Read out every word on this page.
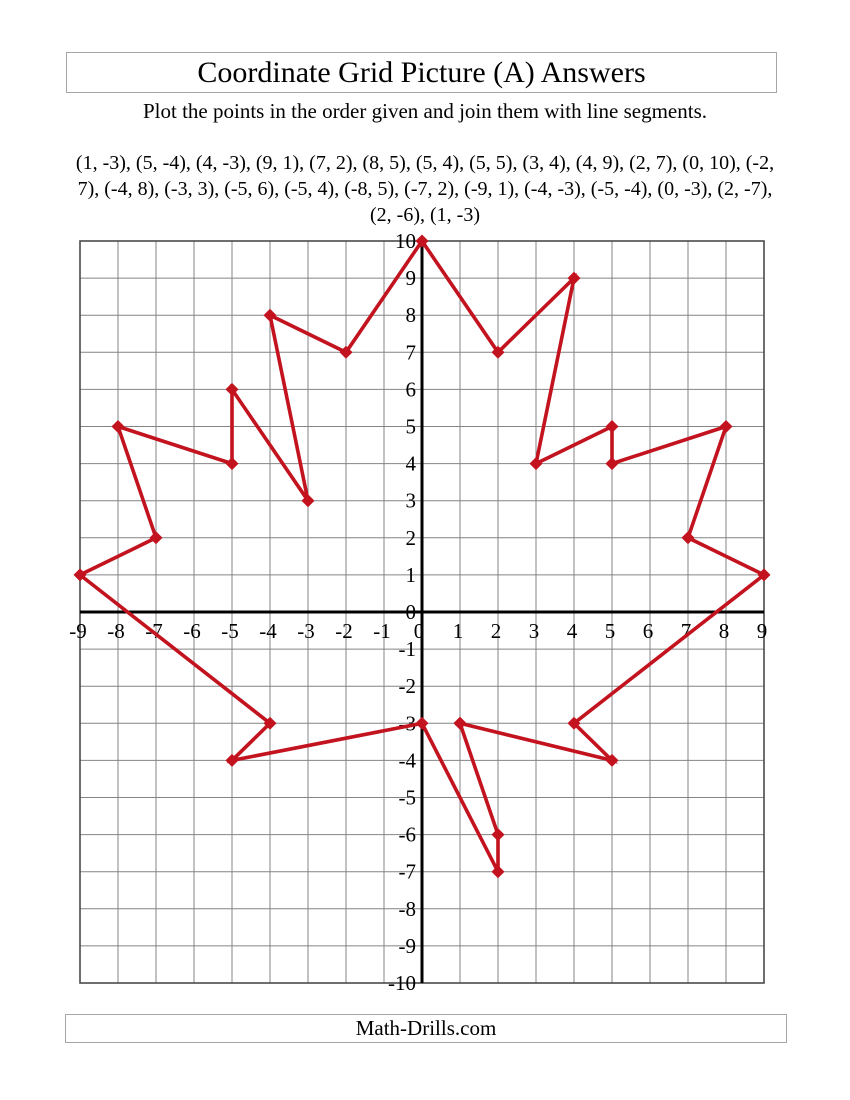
Coordinate Grid Picture (A) Answers
Plot the points in the order given and join them with line segments.
(1, -3), (5, -4), (4, -3), (9, 1), (7, 2), (8, 5), (5, 4), (5, 5), (3, 4), (4, 9), (2, 7), (0, 10), (-2, 7), (-4, 8), (-3, 3), (-5, 6), (-5, 4), (-8, 5), (-7, 2), (-9, 1), (-4, -3), (-5, -4), (0, -3), (2, -7), (2, -6), (1, -3)
-9 -8 -7 -6 -5 -4 -3 -2 -1 0 1 2 3 4 5 6 7 8 9
10
9
8
7
6
5
4
3
2
1
0
-1
-2
-3
-4
-5
-6
-7
-8
-9
-10
Math-Drills.com
